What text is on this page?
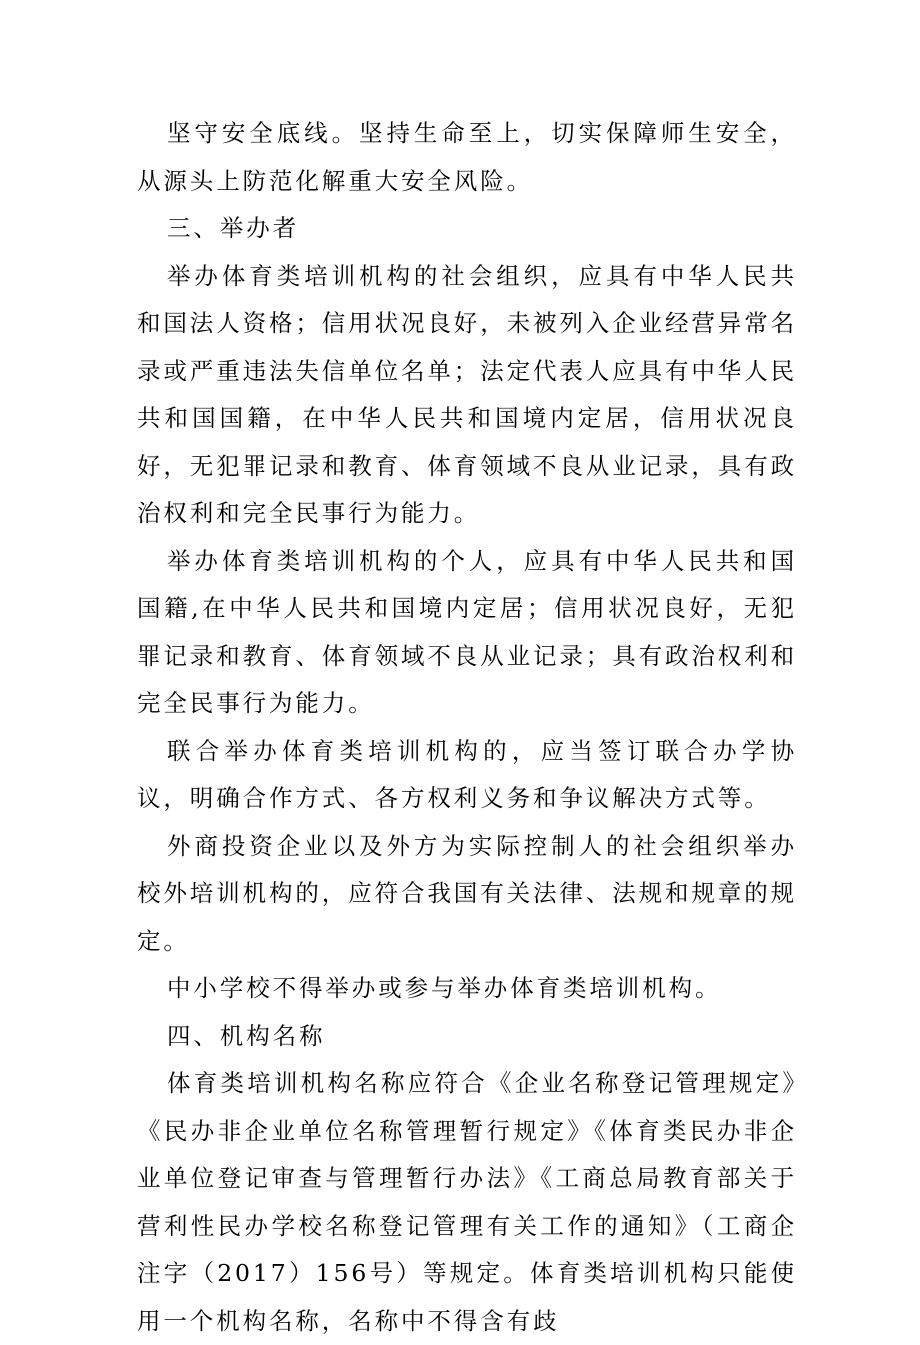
坚守安全底线。坚持生命至上，切实保障师生安全，从源头上防范化解重大安全风险。

三、举办者

举办体育类培训机构的社会组织，应具有中华人民共和国法人资格；信用状况良好，未被列入企业经营异常名录或严重违法失信单位名单；法定代表人应具有中华人民共和国国籍，在中华人民共和国境内定居，信用状况良好，无犯罪记录和教育、体育领域不良从业记录，具有政治权利和完全民事行为能力。

举办体育类培训机构的个人，应具有中华人民共和国国籍,在中华人民共和国境内定居；信用状况良好，无犯罪记录和教育、体育领域不良从业记录；具有政治权利和完全民事行为能力。

联合举办体育类培训机构的，应当签订联合办学协议，明确合作方式、各方权利义务和争议解决方式等。

外商投资企业以及外方为实际控制人的社会组织举办校外培训机构的，应符合我国有关法律、法规和规章的规定。

中小学校不得举办或参与举办体育类培训机构。

四、机构名称

体育类培训机构名称应符合《企业名称登记管理规定》《民办非企业单位名称管理暂行规定》《体育类民办非企业单位登记审查与管理暂行办法》《工商总局教育部关于营利性民办学校名称登记管理有关工作的通知》（工商企注字（2017）156号）等规定。体育类培训机构只能使用一个机构名称，名称中不得含有歧
